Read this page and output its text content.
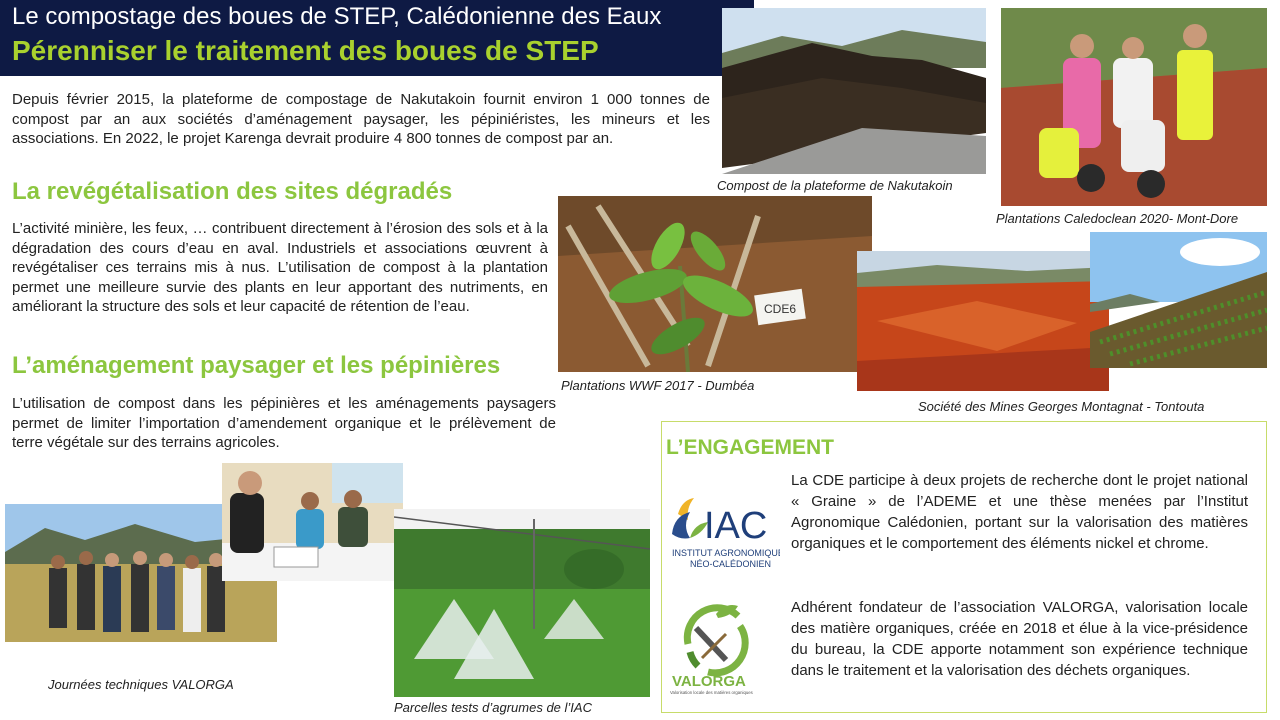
Le compostage des boues de STEP, Calédonienne des Eaux
Pérenniser le traitement des boues de STEP
Depuis février 2015, la plateforme de compostage de Nakutakoin fournit environ 1 000 tonnes de compost par an aux sociétés d’aménagement paysager, les pépiniéristes, les mineurs et les associations. En 2022, le projet Karenga devrait produire 4 800 tonnes de compost par an.
La revégétalisation des sites dégradés
L’activité minière, les feux, … contribuent directement à l’érosion des sols et à la dégradation des cours d’eau en aval. Industriels et associations œuvrent à revégétaliser ces terrains mis à nus. L’utilisation de compost à la plantation permet une meilleure survie des plants en leur apportant des nutriments, en améliorant la structure des sols et leur capacité de rétention de l’eau.
L’aménagement paysager et les pépinières
L’utilisation de compost dans les pépinières et les aménagements paysagers permet de limiter l’importation d’amendement organique et le prélèvement de terre végétale sur des terrains agricoles.
Compost de la plateforme de Nakutakoin
Plantations Caledoclean 2020- Mont-Dore
CDE6
Plantations WWF 2017 - Dumbéa
Société des Mines Georges Montagnat - Tontouta
Journées techniques VALORGA
Parcelles tests d’agrumes de l’IAC
L’ENGAGEMENT
IAC
INSTITUT AGRONOMIQUE
NÉO-CALÉDONIEN
VALORGA
Valorisation locale des matières organiques
La CDE participe à deux projets de recherche dont le projet national « Graine » de l’ADEME et une thèse menées par l’Institut Agronomique Calédonien, portant sur la valorisation des matières organiques et le comportement des éléments nickel et chrome.
Adhérent fondateur de l’association VALORGA, valorisation locale des matière organiques, créée en 2018 et élue à la vice-présidence du bureau, la CDE apporte notamment son expérience technique dans le traitement et la valorisation des déchets organiques.
